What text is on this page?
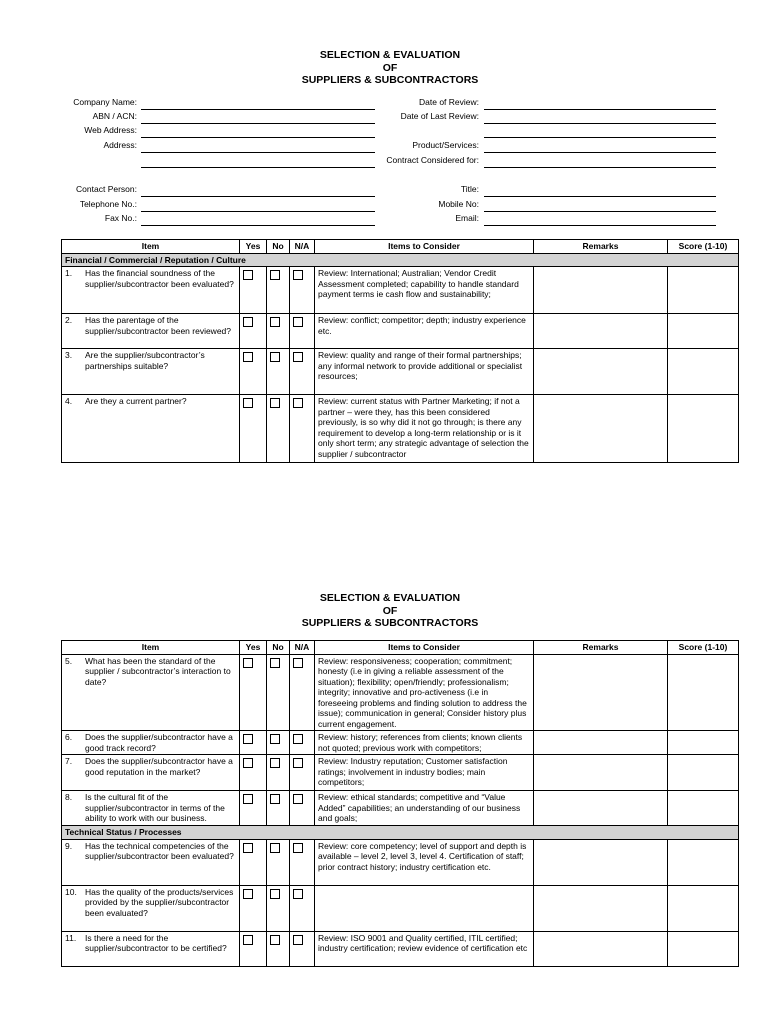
SELECTION & EVALUATION
OF
SUPPLIERS & SUBCONTRACTORS
Company Name:
ABN / ACN:
Web Address:
Address:
Date of Review:
Date of Last Review:
Product/Services:
Contract Considered for:
Contact Person:
Telephone No.:
Fax No.:
Title:
Mobile No:
Email:
Item	Yes	No	N/A	Items to Consider	Remarks	Score (1-10)
Financial / Commercial / Reputation / Culture						

1. Has the financial soundness of the supplier/subcontractor been evaluated?				Review: International; Australian; Vendor Credit Assessment completed; capability to handle standard payment terms ie cash flow and sustainability;		

2. Has the parentage of the supplier/subcontractor been reviewed?				Review: conflict; competitor; depth; industry experience etc.		

3. Are the supplier/subcontractor’s partnerships suitable?				Review: quality and range of their formal partnerships; any informal network to provide additional or specialist resources;		

4. Are they a current partner?				Review: current status with Partner Marketing; if not a partner – were they, has this been considered previously, is so why did it not go through; is there any requirement to develop a long-term relationship or is it only short term; any strategic advantage of selection the supplier / subcontractor		
SELECTION & EVALUATION
OF
SUPPLIERS & SUBCONTRACTORS
Item	Yes	No	N/A	Items to Consider	Remarks	Score (1-10)

5. What has been the standard of the supplier / subcontractor’s interaction to date?				Review: responsiveness; cooperation; commitment; honesty (i.e in giving a reliable assessment of the situation); flexibility; open/friendly; professionalism; integrity; innovative and pro-activeness (i.e in foreseeing problems and finding solution to address the issue); communication in general; Consider history plus current engagement.		

6. Does the supplier/subcontractor have a good track record?				Review: history; references from clients; known clients not quoted; previous work with competitors;		

7. Does the supplier/subcontractor have a good reputation in the market?				Review: Industry reputation; Customer satisfaction ratings; involvement in industry bodies; main competitors;		

8. Is the cultural fit of the supplier/subcontractor in terms of the ability to work with our business.				Review: ethical standards; competitive and “Value Added” capabilities; an understanding of our business and goals;		
Technical Status / Processes						

9. Has the technical competencies of the supplier/subcontractor been evaluated?				Review: core competency; level of support and depth is available – level 2, level 3, level 4. Certification of staff; prior contract history; industry certification etc.		

10. Has the quality of the products/services provided by the supplier/subcontractor been evaluated?						

11. Is there a need for the supplier/subcontractor to be certified?				Review: ISO 9001 and Quality certified, ITIL certified; industry certification; review evidence of certification etc		
